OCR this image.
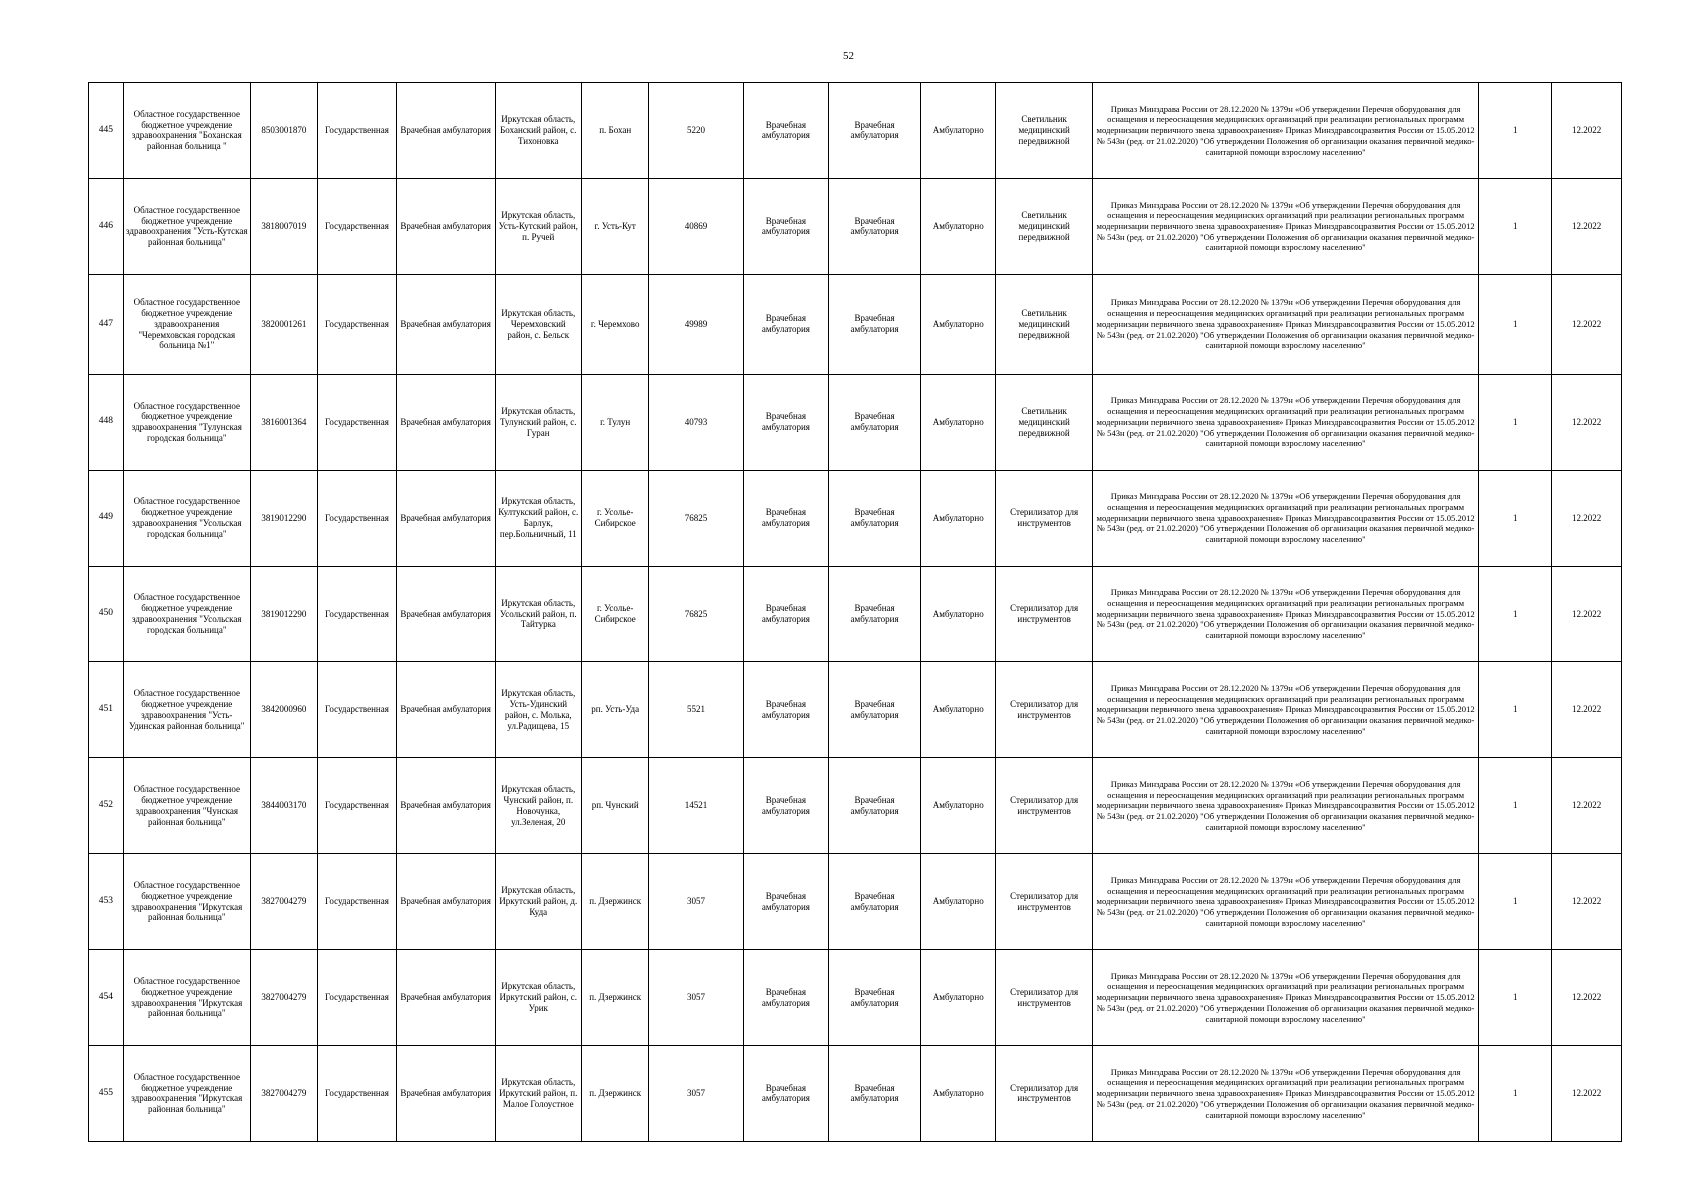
52
445	Областное государственное бюджетное учреждение здравоохранения "Боханская районная больница "	8503001870	Государственная	Врачебная амбулатория	Иркутская область, Боханский район, с. Тихоновка	п. Бохан	5220	Врачебная амбулатория	Врачебная амбулатория	Амбулаторно	Светильник медицинский передвижной	Приказ Минздрава России от 28.12.2020 № 1379н «Об утверждении Перечня оборудования для оснащения и переоснащения медицинских организаций при реализации региональных программ модернизации первичного звена здравоохранения» Приказ Минздравсоцразвития России от 15.05.2012 № 543н (ред. от 21.02.2020) "Об утверждении Положения об организации оказания первичной медико-санитарной помощи взрослому населению"	1	12.2022
446	Областное государственное бюджетное учреждение здравоохранения "Усть-Кутская районная больница"	3818007019	Государственная	Врачебная амбулатория	Иркутская область, Усть-Кутский район, п. Ручей	г. Усть-Кут	40869	Врачебная амбулатория	Врачебная амбулатория	Амбулаторно	Светильник медицинский передвижной	Приказ Минздрава России от 28.12.2020 № 1379н «Об утверждении Перечня оборудования для оснащения и переоснащения медицинских организаций при реализации региональных программ модернизации первичного звена здравоохранения» Приказ Минздравсоцразвития России от 15.05.2012 № 543н (ред. от 21.02.2020) "Об утверждении Положения об организации оказания первичной медико-санитарной помощи взрослому населению"	1	12.2022
447	Областное государственное бюджетное учреждение здравоохранения "Черемховская городская больница №1"	3820001261	Государственная	Врачебная амбулатория	Иркутская область, Черемховский район, с. Бельск	г. Черемхово	49989	Врачебная амбулатория	Врачебная амбулатория	Амбулаторно	Светильник медицинский передвижной	Приказ Минздрава России от 28.12.2020 № 1379н «Об утверждении Перечня оборудования для оснащения и переоснащения медицинских организаций при реализации региональных программ модернизации первичного звена здравоохранения» Приказ Минздравсоцразвития России от 15.05.2012 № 543н (ред. от 21.02.2020) "Об утверждении Положения об организации оказания первичной медико-санитарной помощи взрослому населению"	1	12.2022
448	Областное государственное бюджетное учреждение здравоохранения "Тулунская городская больница"	3816001364	Государственная	Врачебная амбулатория	Иркутская область, Тулунский район, с. Гуран	г. Тулун	40793	Врачебная амбулатория	Врачебная амбулатория	Амбулаторно	Светильник медицинский передвижной	Приказ Минздрава России от 28.12.2020 № 1379н «Об утверждении Перечня оборудования для оснащения и переоснащения медицинских организаций при реализации региональных программ модернизации первичного звена здравоохранения» Приказ Минздравсоцразвития России от 15.05.2012 № 543н (ред. от 21.02.2020) "Об утверждении Положения об организации оказания первичной медико-санитарной помощи взрослому населению"	1	12.2022
449	Областное государственное бюджетное учреждение здравоохранения "Усольская городская больница"	3819012290	Государственная	Врачебная амбулатория	Иркутская область, Култукский район, с. Барлук, пер.Больничный, 11	г. Усолье-Сибирское	76825	Врачебная амбулатория	Врачебная амбулатория	Амбулаторно	Стерилизатор для инструментов	Приказ Минздрава России от 28.12.2020 № 1379н «Об утверждении Перечня оборудования для оснащения и переоснащения медицинских организаций при реализации региональных программ модернизации первичного звена здравоохранения» Приказ Минздравсоцразвития России от 15.05.2012 № 543н (ред. от 21.02.2020) "Об утверждении Положения об организации оказания первичной медико-санитарной помощи взрослому населению"	1	12.2022
450	Областное государственное бюджетное учреждение здравоохранения "Усольская городская больница"	3819012290	Государственная	Врачебная амбулатория	Иркутская область, Усольский район, п. Тайтурка	г. Усолье-Сибирское	76825	Врачебная амбулатория	Врачебная амбулатория	Амбулаторно	Стерилизатор для инструментов	Приказ Минздрава России от 28.12.2020 № 1379н «Об утверждении Перечня оборудования для оснащения и переоснащения медицинских организаций при реализации региональных программ модернизации первичного звена здравоохранения» Приказ Минздравсоцразвития России от 15.05.2012 № 543н (ред. от 21.02.2020) "Об утверждении Положения об организации оказания первичной медико-санитарной помощи взрослому населению"	1	12.2022
451	Областное государственное бюджетное учреждение здравоохранения "Усть-Удинская районная больница"	3842000960	Государственная	Врачебная амбулатория	Иркутская область, Усть-Удинский район, с. Молька, ул.Радищева, 15	рп. Усть-Уда	5521	Врачебная амбулатория	Врачебная амбулатория	Амбулаторно	Стерилизатор для инструментов	Приказ Минздрава России от 28.12.2020 № 1379н «Об утверждении Перечня оборудования для оснащения и переоснащения медицинских организаций при реализации региональных программ модернизации первичного звена здравоохранения» Приказ Минздравсоцразвития России от 15.05.2012 № 543н (ред. от 21.02.2020) "Об утверждении Положения об организации оказания первичной медико-санитарной помощи взрослому населению"	1	12.2022
452	Областное государственное бюджетное учреждение здравоохранения "Чунская районная больница"	3844003170	Государственная	Врачебная амбулатория	Иркутская область, Чунский район, п. Новочунка, ул.Зеленая, 20	рп. Чунский	14521	Врачебная амбулатория	Врачебная амбулатория	Амбулаторно	Стерилизатор для инструментов	Приказ Минздрава России от 28.12.2020 № 1379н «Об утверждении Перечня оборудования для оснащения и переоснащения медицинских организаций при реализации региональных программ модернизации первичного звена здравоохранения» Приказ Минздравсоцразвития России от 15.05.2012 № 543н (ред. от 21.02.2020) "Об утверждении Положения об организации оказания первичной медико-санитарной помощи взрослому населению"	1	12.2022
453	Областное государственное бюджетное учреждение здравоохранения "Иркутская районная больница"	3827004279	Государственная	Врачебная амбулатория	Иркутская область, Иркутский район, д. Куда	п. Дзержинск	3057	Врачебная амбулатория	Врачебная амбулатория	Амбулаторно	Стерилизатор для инструментов	Приказ Минздрава России от 28.12.2020 № 1379н «Об утверждении Перечня оборудования для оснащения и переоснащения медицинских организаций при реализации региональных программ модернизации первичного звена здравоохранения» Приказ Минздравсоцразвития России от 15.05.2012 № 543н (ред. от 21.02.2020) "Об утверждении Положения об организации оказания первичной медико-санитарной помощи взрослому населению"	1	12.2022
454	Областное государственное бюджетное учреждение здравоохранения "Иркутская районная больница"	3827004279	Государственная	Врачебная амбулатория	Иркутская область, Иркутский район, с. Урик	п. Дзержинск	3057	Врачебная амбулатория	Врачебная амбулатория	Амбулаторно	Стерилизатор для инструментов	Приказ Минздрава России от 28.12.2020 № 1379н «Об утверждении Перечня оборудования для оснащения и переоснащения медицинских организаций при реализации региональных программ модернизации первичного звена здравоохранения» Приказ Минздравсоцразвития России от 15.05.2012 № 543н (ред. от 21.02.2020) "Об утверждении Положения об организации оказания первичной медико-санитарной помощи взрослому населению"	1	12.2022
455	Областное государственное бюджетное учреждение здравоохранения "Иркутская районная больница"	3827004279	Государственная	Врачебная амбулатория	Иркутская область, Иркутский район, п. Малое Голоустное	п. Дзержинск	3057	Врачебная амбулатория	Врачебная амбулатория	Амбулаторно	Стерилизатор для инструментов	Приказ Минздрава России от 28.12.2020 № 1379н «Об утверждении Перечня оборудования для оснащения и переоснащения медицинских организаций при реализации региональных программ модернизации первичного звена здравоохранения» Приказ Минздравсоцразвития России от 15.05.2012 № 543н (ред. от 21.02.2020) "Об утверждении Положения об организации оказания первичной медико-санитарной помощи взрослому населению"	1	12.2022
